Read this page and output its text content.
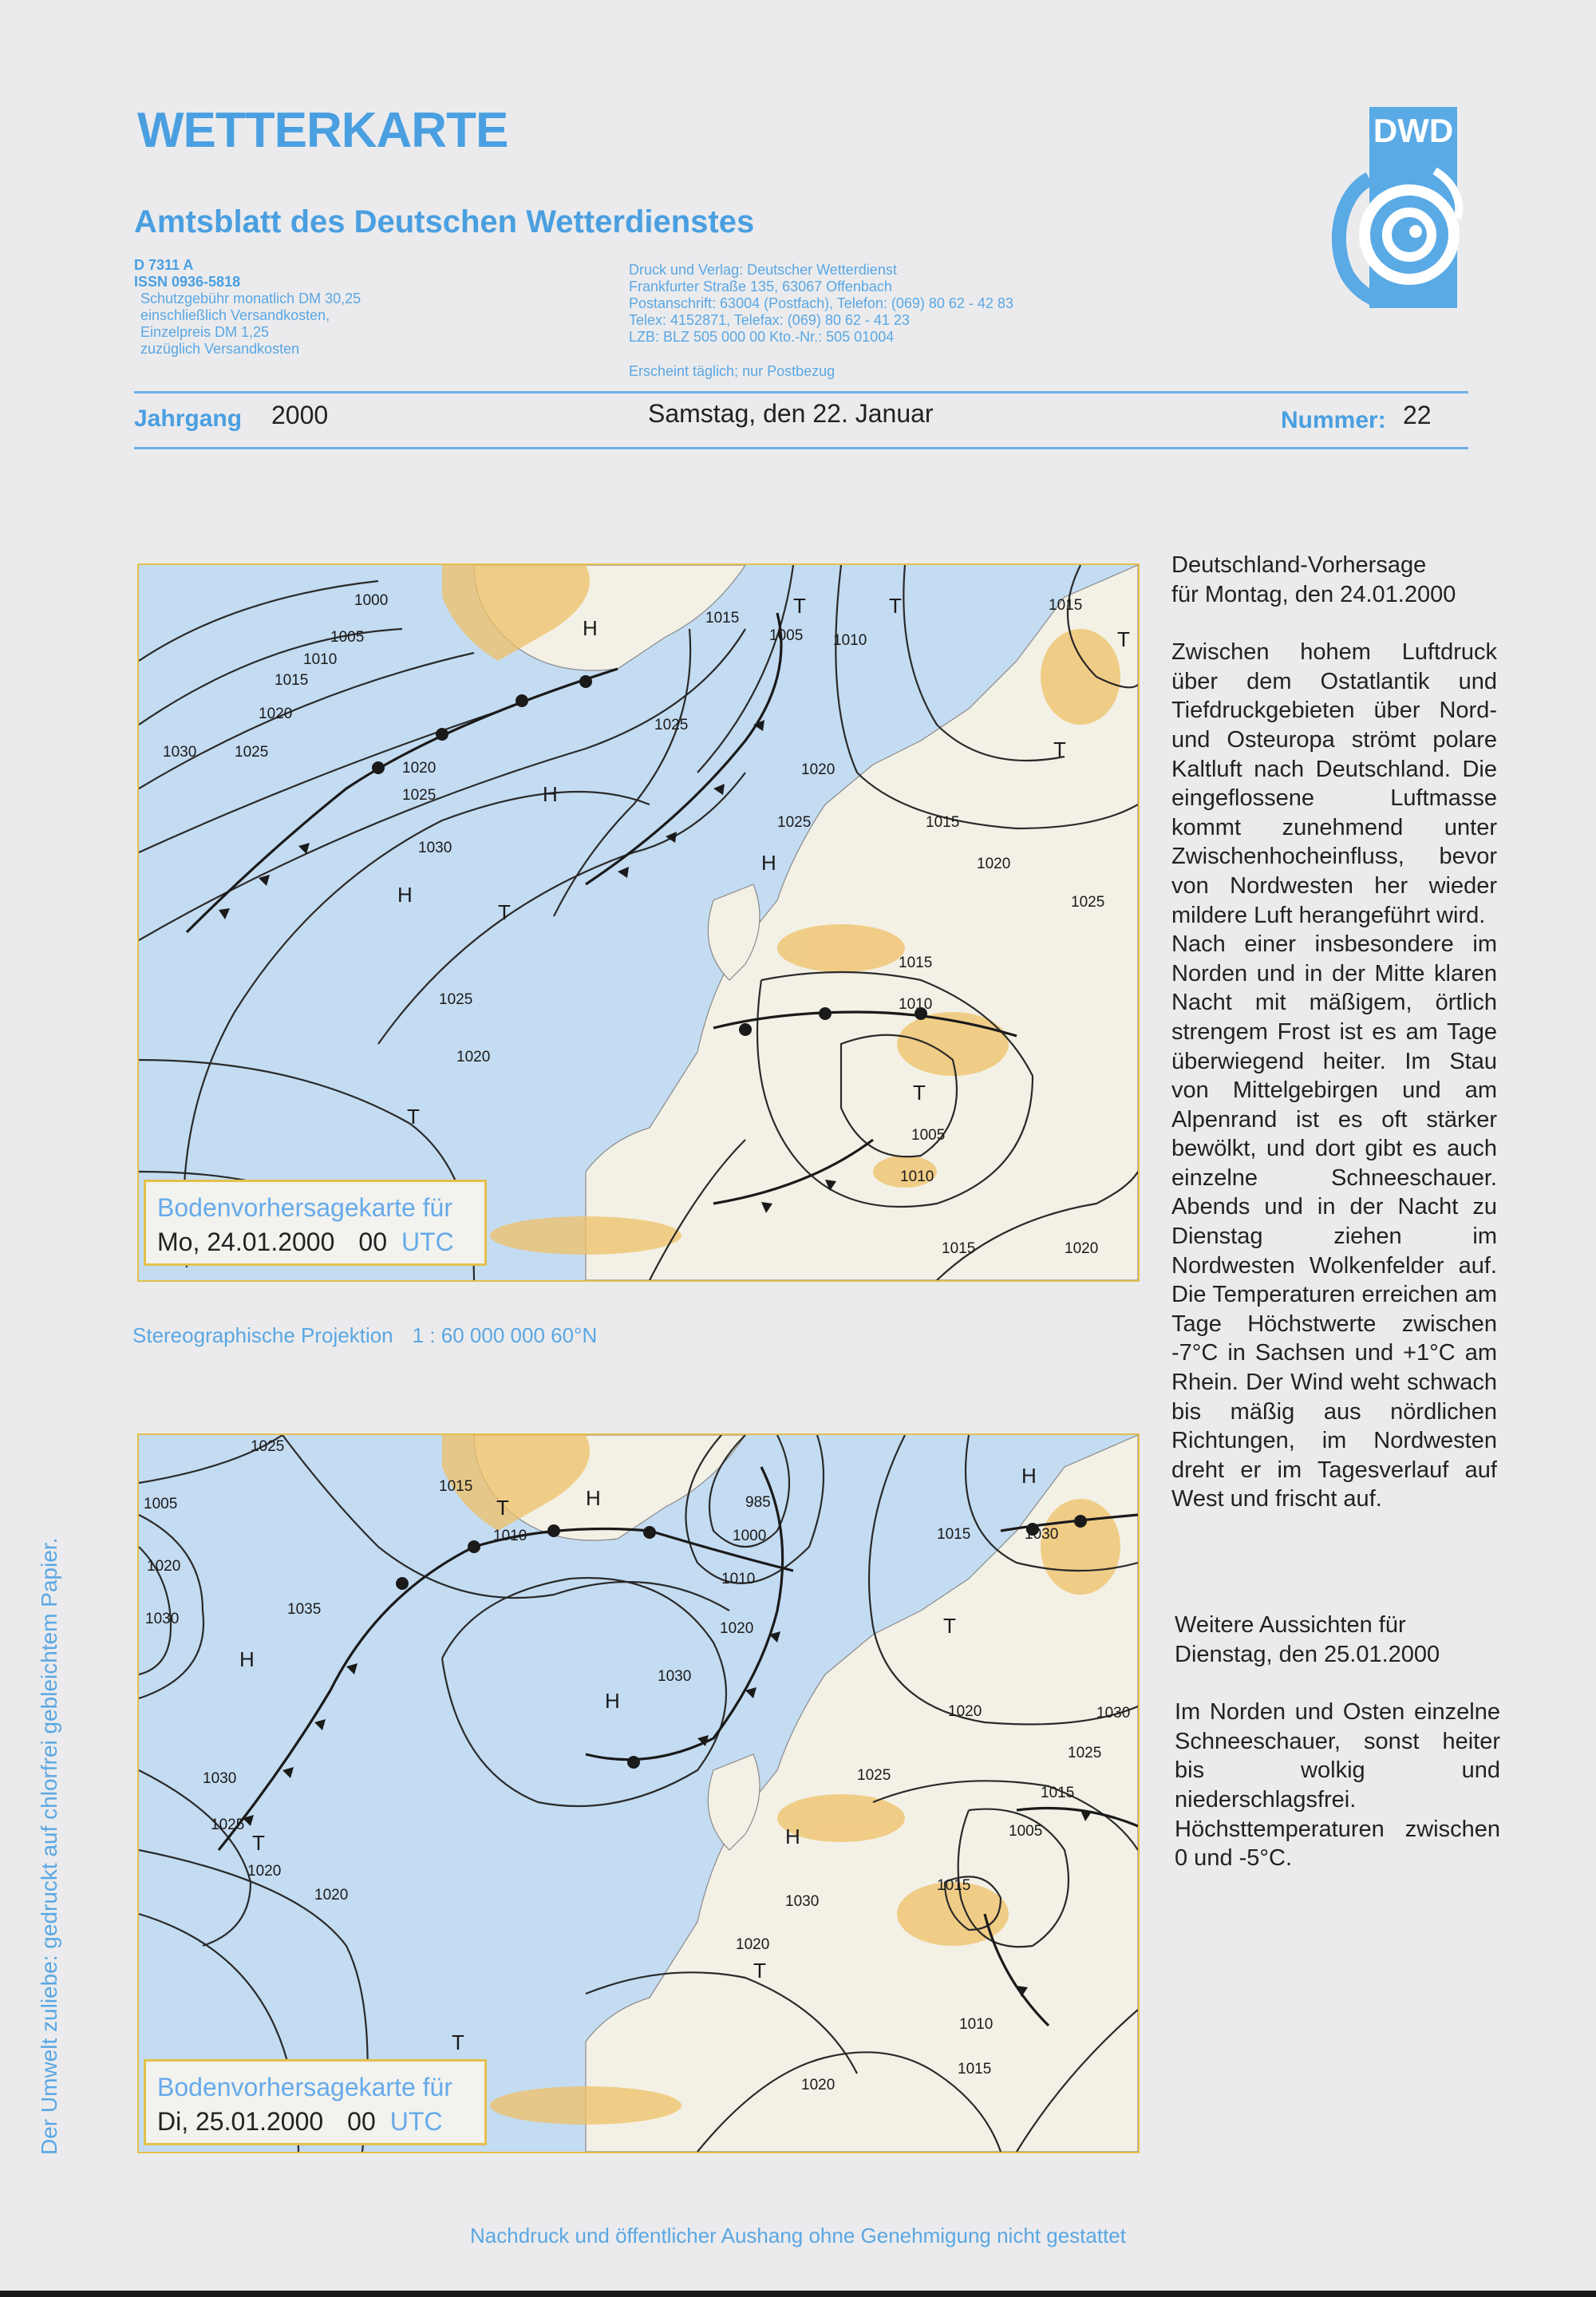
WETTERKARTE
Amtsblatt des Deutschen Wetterdienstes
D 7311 A
ISSN 0936-5818
Schutzgebühr monatlich DM 30,25
einschließlich Versandkosten,
Einzelpreis DM 1,25
zuzüglich Versandkosten
Druck und Verlag: Deutscher Wetterdienst
Frankfurter Straße 135, 63067 Offenbach
Postanschrift: 63004 (Postfach), Telefon: (069) 80 62 - 42 83
Telex: 4152871, Telefax: (069) 80 62 - 41 23
LZB: BLZ 505 000 00 Kto.-Nr.: 505 01004
Erscheint täglich; nur Postbezug
DWD
Jahrgang 2000	Samstag, den 22. Januar	Nummer: 22
1000
1005
1010
1015
1020
1030	1025
1020
1025
1030
1015
1005 1010
1025
1020
1025	1015
1020
1025
1015
1010
1005
1010
1025
1020
1015
1020
1015
H
H
H
H
T	T
T
T
T
T
T
Bodenvorhersagekarte für
Mo, 24.01.2000 00 UTC
Stereographische Projektion 1 : 60 000 000 60°N
1025
1005
1020
1030
1035
1030
1025
1020
1020
1015
1010
985
1000
1010
1020
1030
1025
1030
1020
1015
1005
1030
1025
1015
1020
1010
1015
1020
1015	1030
H
H
H
H
H
T
T
T
T
T
Bodenvorhersagekarte für
Di, 25.01.2000 00 UTC
Deutschland-Vorhersage
für Montag, den 24.01.2000

Zwischen hohem Luftdruck über dem Ostatlantik und Tiefdruckgebieten über Nord- und Osteuropa strömt polare Kaltluft nach Deutschland. Die eingeflossene Luftmasse kommt zunehmend unter Zwischenhocheinfluss, bevor von Nordwesten her wieder mildere Luft herangeführt wird.

Nach einer insbesondere im Norden und in der Mitte klaren Nacht mit mäßigem, örtlich strengem Frost ist es am Tage überwiegend heiter. Im Stau von Mittelgebirgen und am Alpenrand ist es oft stärker bewölkt, und dort gibt es auch einzelne Schneeschauer. Abends und in der Nacht zu Dienstag ziehen im Nordwesten Wolkenfelder auf. Die Temperaturen erreichen am Tage Höchstwerte zwischen -7°C in Sachsen und +1°C am Rhein. Der Wind weht schwach bis mäßig aus nördlichen Richtungen, im Nordwesten dreht er im Tagesverlauf auf West und frischt auf.

Weitere Aussichten für
Dienstag, den 25.01.2000

Im Norden und Osten einzelne Schneeschauer, sonst heiter bis wolkig und niederschlagsfrei. Höchsttemperaturen zwischen 0 und -5°C.

Der Umwelt zuliebe: gedruckt auf chlorfrei gebleichtem Papier.
Nachdruck und öffentlicher Aushang ohne Genehmigung nicht gestattet
